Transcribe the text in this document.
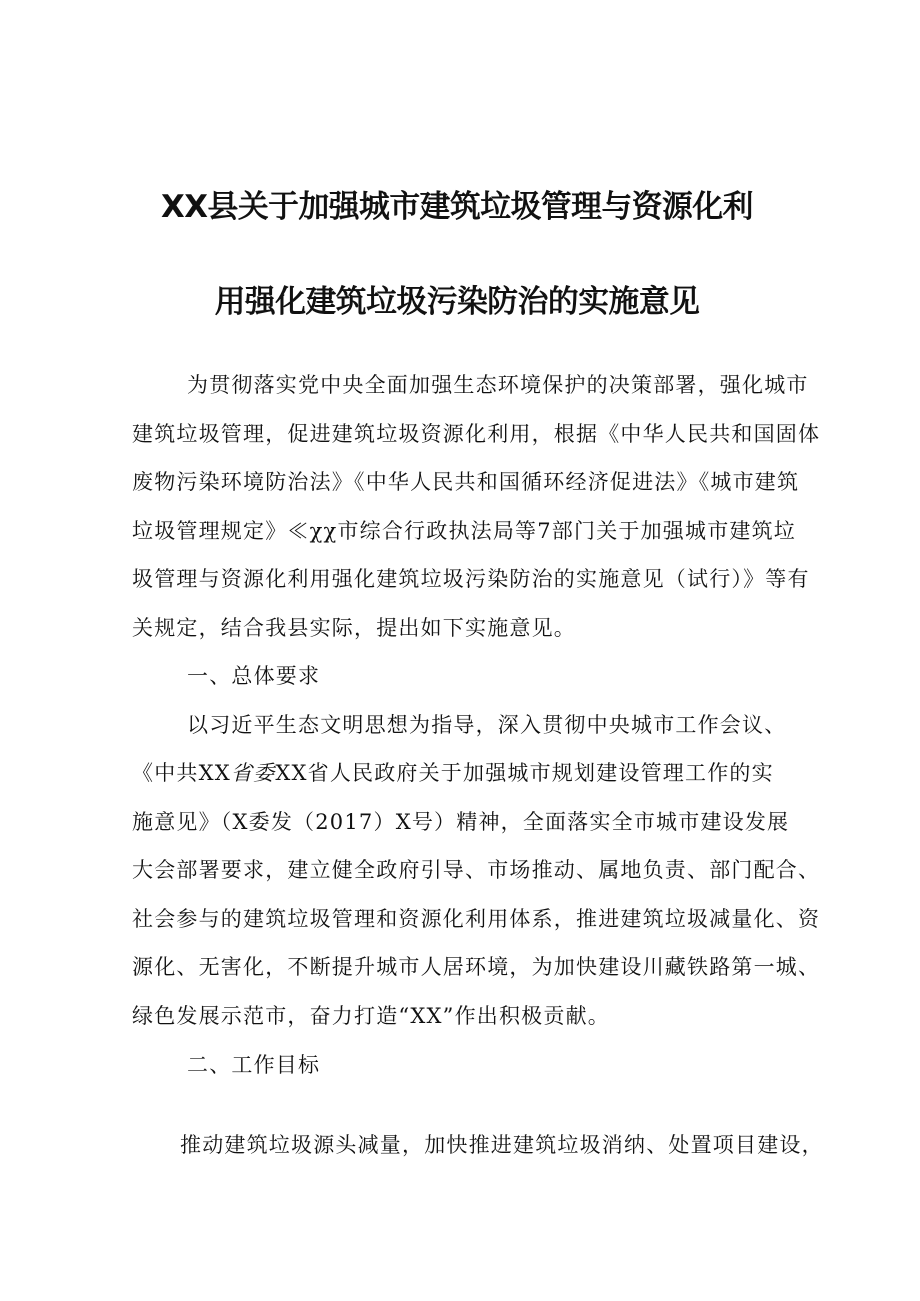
XX县关于加强城市建筑垃圾管理与资源化利
用强化建筑垃圾污染防治的实施意见
为贯彻落实党中央全面加强生态环境保护的决策部署，强化城市
建筑垃圾管理，促进建筑垃圾资源化利用，根据《中华人民共和国固体
废物污染环境防治法》《中华人民共和国循环经济促进法》《城市建筑
垃圾管理规定》≪χχ市综合行政执法局等7部门关于加强城市建筑垃
圾管理与资源化利用强化建筑垃圾污染防治的实施意见（试行）》等有
关规定，结合我县实际，提出如下实施意见。
一、总体要求
以习近平生态文明思想为指导，深入贯彻中央城市工作会议、
《中共XX省委XX省人民政府关于加强城市规划建设管理工作的实
施意见》（X委发（2017）X号）精神，全面落实全市城市建设发展
大会部署要求，建立健全政府引导、市场推动、属地负责、部门配合、
社会参与的建筑垃圾管理和资源化利用体系，推进建筑垃圾减量化、资
源化、无害化，不断提升城市人居环境，为加快建设川藏铁路第一城、
绿色发展示范市，奋力打造“XX”作出积极贡献。
二、工作目标
推动建筑垃圾源头减量，加快推进建筑垃圾消纳、处置项目建设，
